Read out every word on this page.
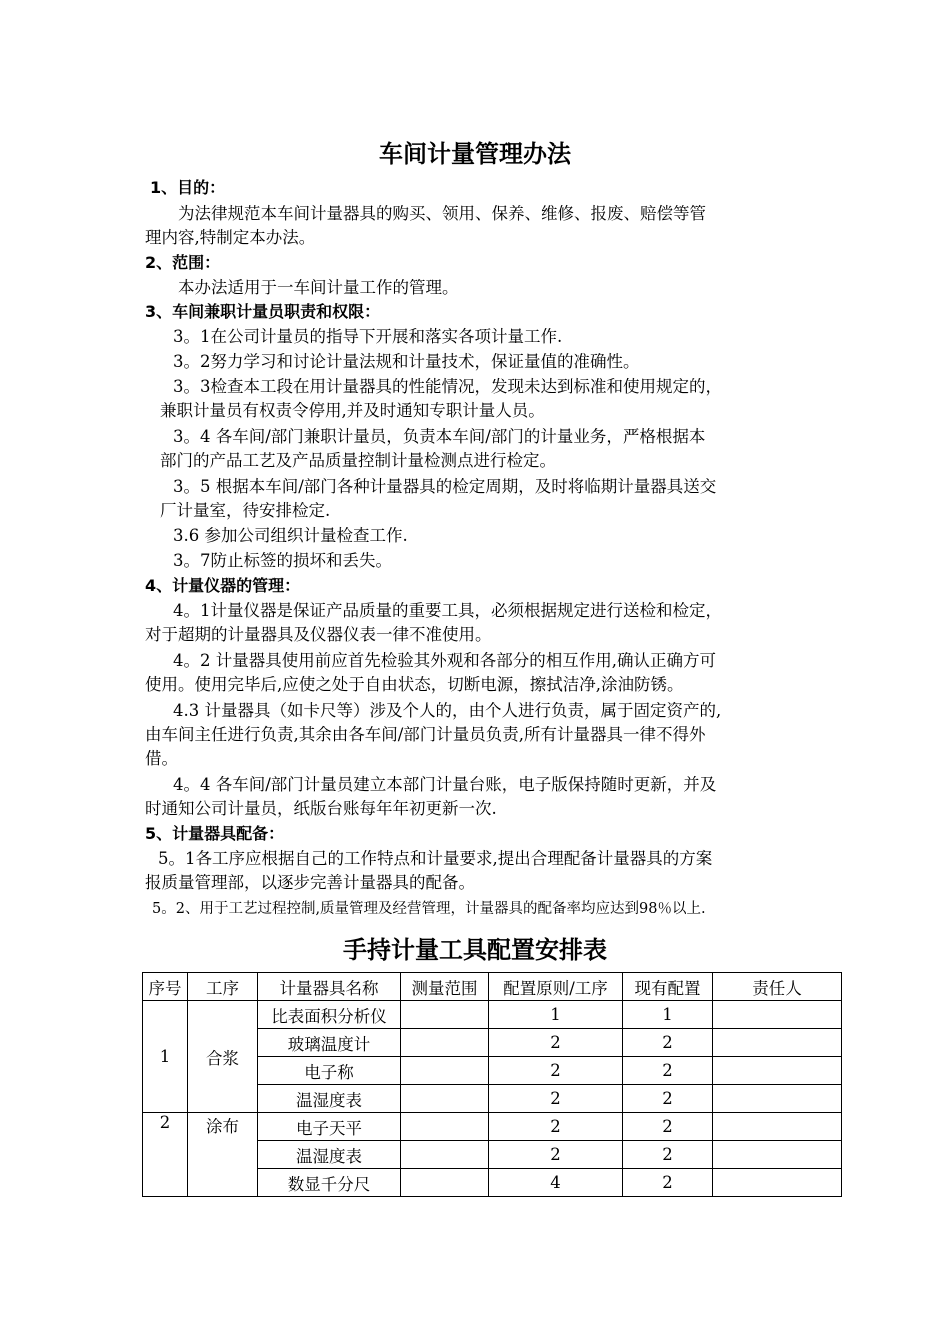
车间计量管理办法
1、目的：
为法律规范本车间计量器具的购买、领用、保养、维修、报废、赔偿等管
理内容,特制定本办法。
2、范围：
本办法适用于一车间计量工作的管理。
3、车间兼职计量员职责和权限：
3。1在公司计量员的指导下开展和落实各项计量工作.
3。2努力学习和讨论计量法规和计量技术，保证量值的准确性。
3。3检查本工段在用计量器具的性能情况，发现未达到标准和使用规定的，
兼职计量员有权责令停用,并及时通知专职计量人员。
3。4 各车间/部门兼职计量员，负责本车间/部门的计量业务，严格根据本
部门的产品工艺及产品质量控制计量检测点进行检定。
3。5 根据本车间/部门各种计量器具的检定周期，及时将临期计量器具送交
厂计量室，待安排检定.
3.6 参加公司组织计量检查工作.
3。7防止标签的损坏和丢失。
4、计量仪器的管理：
4。1计量仪器是保证产品质量的重要工具，必须根据规定进行送检和检定，
对于超期的计量器具及仪器仪表一律不准使用。
4。2 计量器具使用前应首先检验其外观和各部分的相互作用,确认正确方可
使用。使用完毕后,应使之处于自由状态，切断电源，擦拭洁净,涂油防锈。
4.3 计量器具（如卡尺等）涉及个人的，由个人进行负责，属于固定资产的,
由车间主任进行负责,其余由各车间/部门计量员负责,所有计量器具一律不得外
借。
4。4 各车间/部门计量员建立本部门计量台账，电子版保持随时更新，并及
时通知公司计量员，纸版台账每年年初更新一次.
5、计量器具配备：
5。1各工序应根据自己的工作特点和计量要求,提出合理配备计量器具的方案
报质量管理部，以逐步完善计量器具的配备。
5。2、用于工艺过程控制,质量管理及经营管理，计量器具的配备率均应达到98％以上.
手持计量工具配置安排表
序号	工序	计量器具名称	测量范围	配置原则/工序	现有配置	责任人
1	合浆	比表面积分析仪		1	1	
		玻璃温度计		2	2	
		电子称		2	2	
		温湿度表		2	2	
2	涂布	电子天平		2	2	
		温湿度表		2	2	
		数显千分尺		4	2	
